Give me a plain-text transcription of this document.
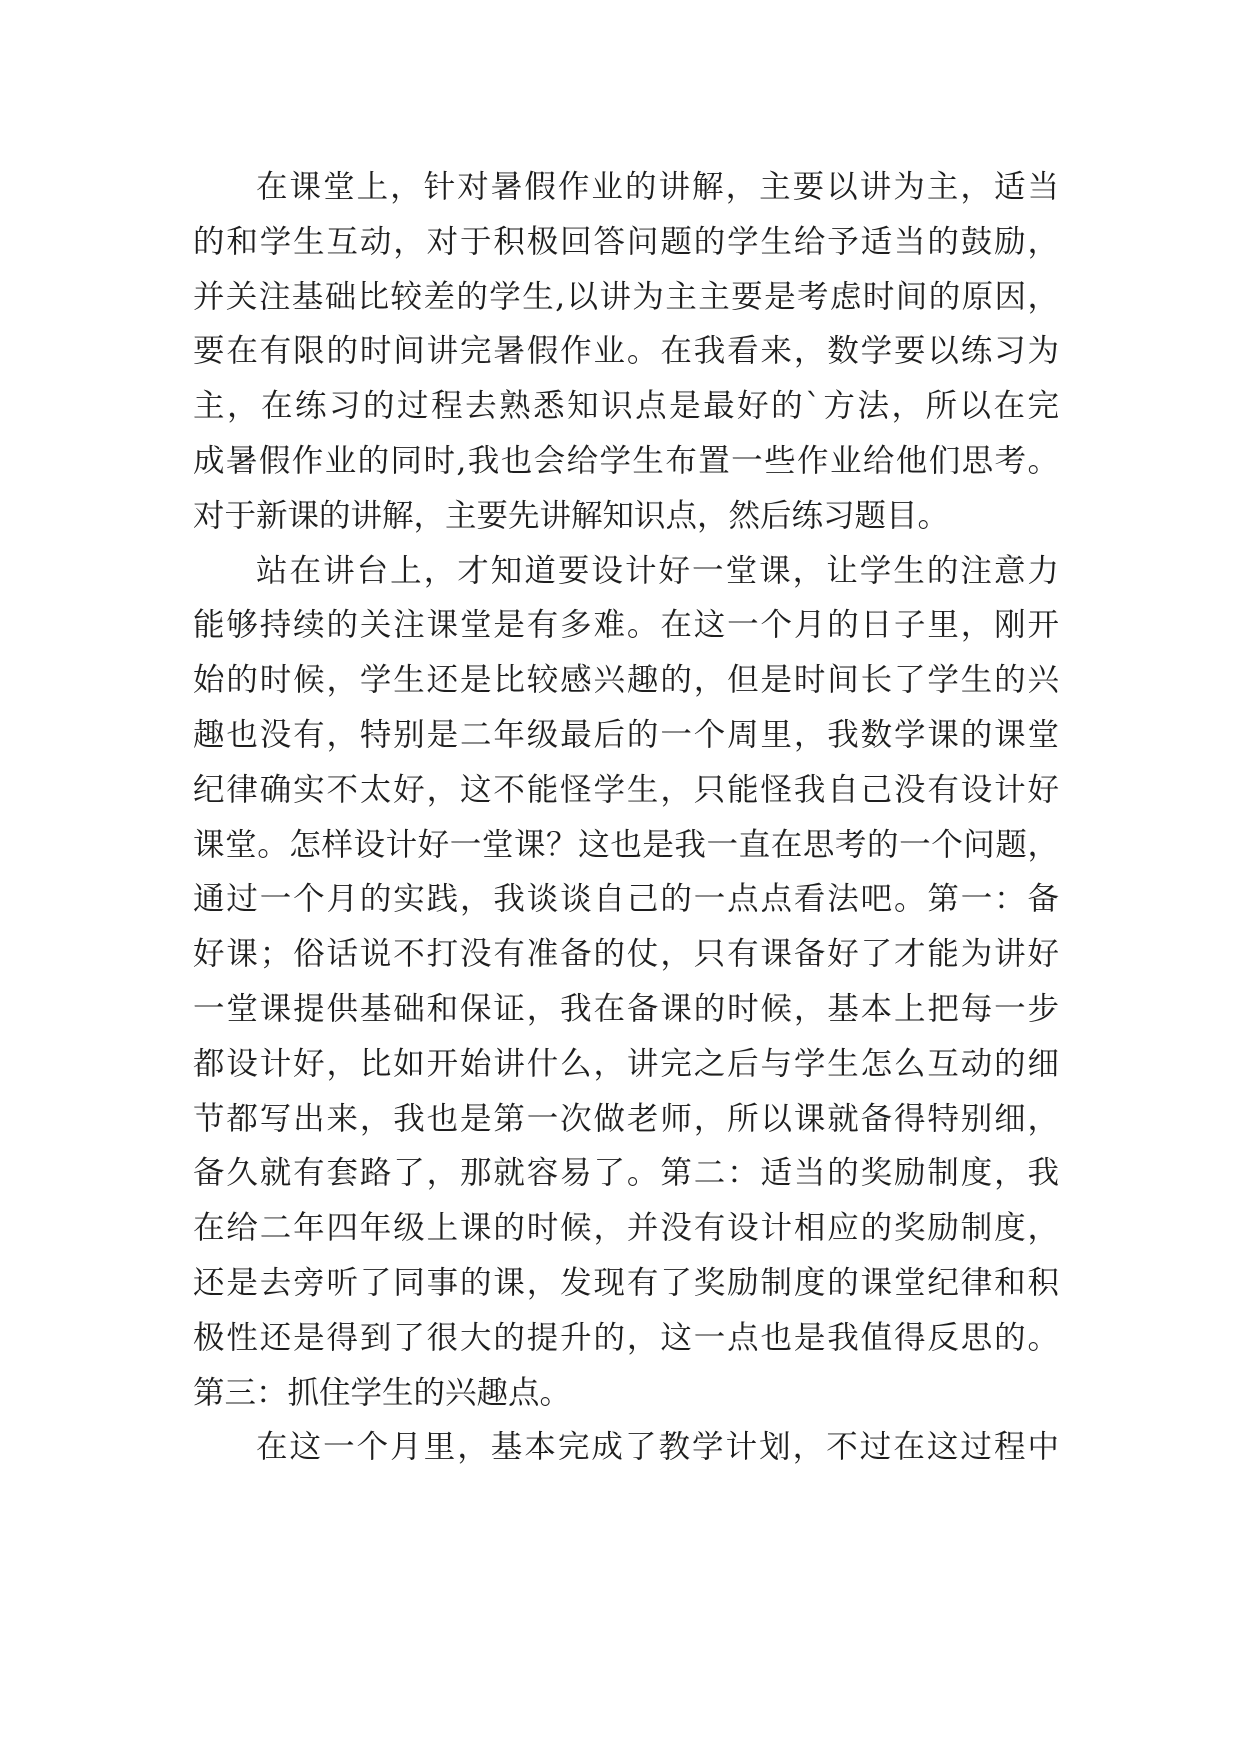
在课堂上，针对暑假作业的讲解，主要以讲为主，适当
的和学生互动，对于积极回答问题的学生给予适当的鼓励，
并关注基础比较差的学生,以讲为主主要是考虑时间的原因，
要在有限的时间讲完暑假作业。在我看来，数学要以练习为
主，在练习的过程去熟悉知识点是最好的`方法，所以在完
成暑假作业的同时,我也会给学生布置一些作业给他们思考。
对于新课的讲解，主要先讲解知识点，然后练习题目。
站在讲台上，才知道要设计好一堂课，让学生的注意力
能够持续的关注课堂是有多难。在这一个月的日子里，刚开
始的时候，学生还是比较感兴趣的，但是时间长了学生的兴
趣也没有，特别是二年级最后的一个周里，我数学课的课堂
纪律确实不太好，这不能怪学生，只能怪我自己没有设计好
课堂。怎样设计好一堂课？这也是我一直在思考的一个问题，
通过一个月的实践，我谈谈自己的一点点看法吧。第一：备
好课；俗话说不打没有准备的仗，只有课备好了才能为讲好
一堂课提供基础和保证，我在备课的时候，基本上把每一步
都设计好，比如开始讲什么，讲完之后与学生怎么互动的细
节都写出来，我也是第一次做老师，所以课就备得特别细，
备久就有套路了，那就容易了。第二：适当的奖励制度，我
在给二年四年级上课的时候，并没有设计相应的奖励制度，
还是去旁听了同事的课，发现有了奖励制度的课堂纪律和积
极性还是得到了很大的提升的，这一点也是我值得反思的。
第三：抓住学生的兴趣点。
在这一个月里，基本完成了教学计划，不过在这过程中
